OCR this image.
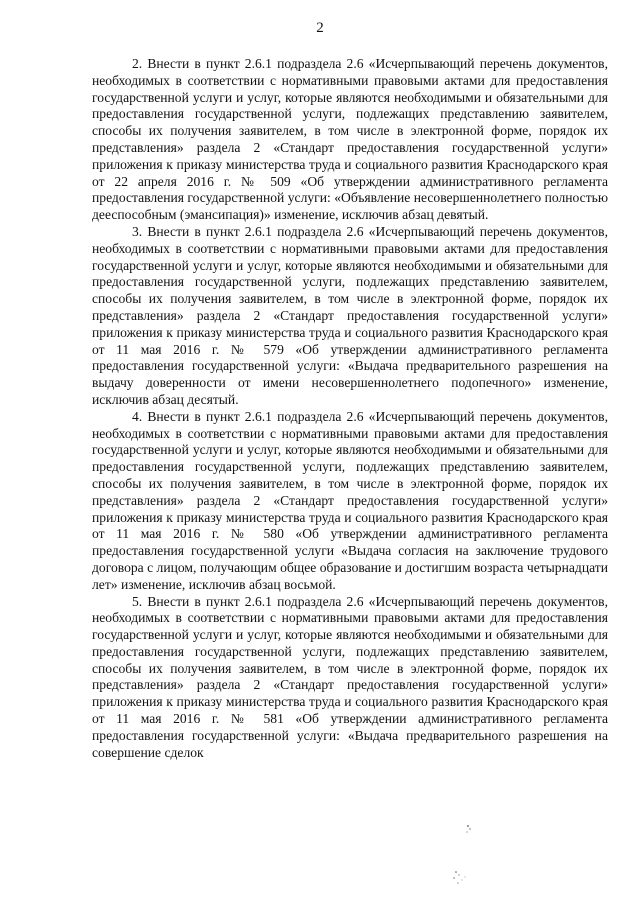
2

2. Внести в пункт 2.6.1 подраздела 2.6 «Исчерпывающий перечень документов, необходимых в соответствии с нормативными правовыми актами для предоставления государственной услуги и услуг, которые являются необходимыми и обязательными для предоставления государственной услуги, подлежащих представлению заявителем, способы их получения заявителем, в том числе в электронной форме, порядок их представления» раздела 2 «Стандарт предоставления государственной услуги» приложения к приказу министерства труда и социального развития Краснодарского края от 22 апреля 2016 г. № 509 «Об утверждении административного регламента предоставления государственной услуги: «Объявление несовершеннолетнего полностью дееспособным (эмансипация)» изменение, исключив абзац девятый.

3. Внести в пункт 2.6.1 подраздела 2.6 «Исчерпывающий перечень документов, необходимых в соответствии с нормативными правовыми актами для предоставления государственной услуги и услуг, которые являются необходимыми и обязательными для предоставления государственной услуги, подлежащих представлению заявителем, способы их получения заявителем, в том числе в электронной форме, порядок их представления» раздела 2 «Стандарт предоставления государственной услуги» приложения к приказу министерства труда и социального развития Краснодарского края от 11 мая 2016 г. № 579 «Об утверждении административного регламента предоставления государственной услуги: «Выдача предварительного разрешения на выдачу доверенности от имени несовершеннолетнего подопечного» изменение, исключив абзац десятый.

4. Внести в пункт 2.6.1 подраздела 2.6 «Исчерпывающий перечень документов, необходимых в соответствии с нормативными правовыми актами для предоставления государственной услуги и услуг, которые являются необходимыми и обязательными для предоставления государственной услуги, подлежащих представлению заявителем, способы их получения заявителем, в том числе в электронной форме, порядок их представления» раздела 2 «Стандарт предоставления государственной услуги» приложения к приказу министерства труда и социального развития Краснодарского края от 11 мая 2016 г. № 580 «Об утверждении административного регламента предоставления государственной услуги «Выдача согласия на заключение трудового договора с лицом, получающим общее образование и достигшим возраста четырнадцати лет» изменение, исключив абзац восьмой.

5. Внести в пункт 2.6.1 подраздела 2.6 «Исчерпывающий перечень документов, необходимых в соответствии с нормативными правовыми актами для предоставления государственной услуги и услуг, которые являются необходимыми и обязательными для предоставления государственной услуги, подлежащих представлению заявителем, способы их получения заявителем, в том числе в электронной форме, порядок их представления» раздела 2 «Стандарт предоставления государственной услуги» приложения к приказу министерства труда и социального развития Краснодарского края от 11 мая 2016 г. № 581 «Об утверждении административного регламента предоставления государственной услуги: «Выдача предварительного разрешения на совершение сделок
